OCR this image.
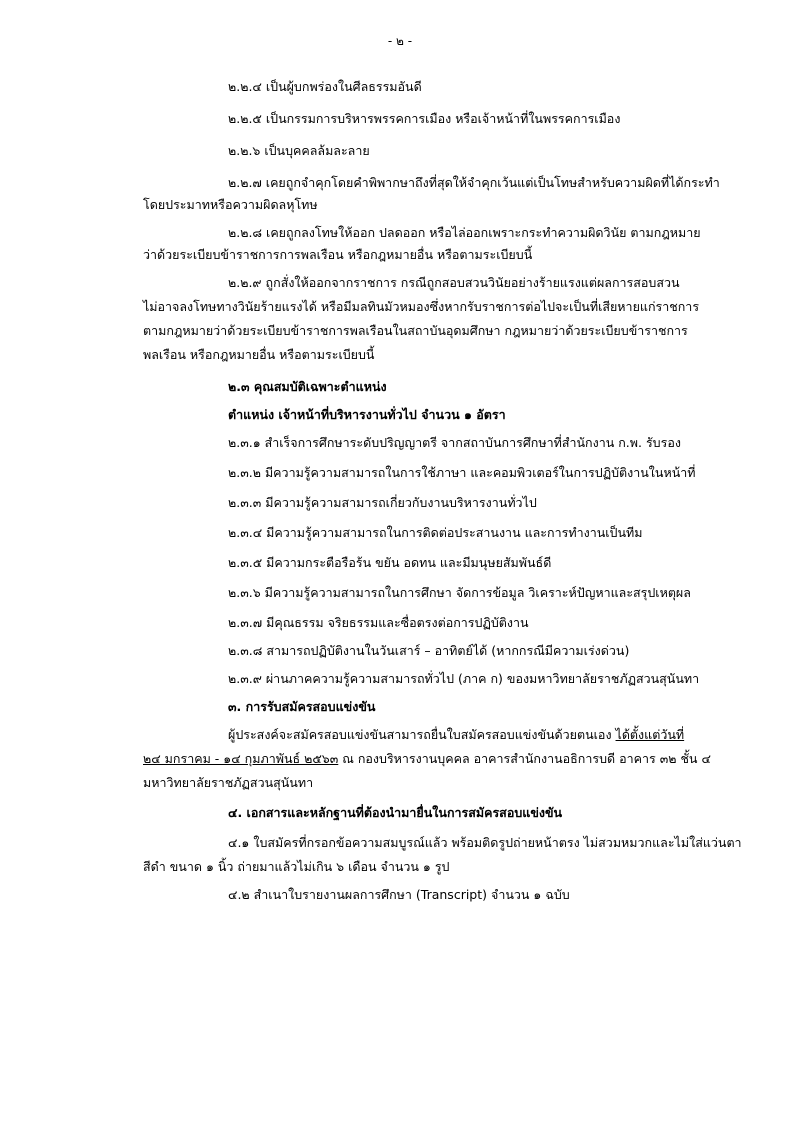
- ๒ -
๒.๒.๔ เป็นผู้บกพร่องในศีลธรรมอันดี
๒.๒.๕ เป็นกรรมการบริหารพรรคการเมือง หรือเจ้าหน้าที่ในพรรคการเมือง
๒.๒.๖ เป็นบุคคลล้มละลาย
๒.๒.๗ เคยถูกจำคุกโดยคำพิพากษาถึงที่สุดให้จำคุกเว้นแต่เป็นโทษสำหรับความผิดที่ได้กระทำ
โดยประมาทหรือความผิดลหุโทษ
๒.๒.๘ เคยถูกลงโทษให้ออก ปลดออก หรือไล่ออกเพราะกระทำความผิดวินัย ตามกฎหมาย
ว่าด้วยระเบียบข้าราชการการพลเรือน หรือกฎหมายอื่น หรือตามระเบียบนี้
๒.๒.๙ ถูกสั่งให้ออกจากราชการ กรณีถูกสอบสวนวินัยอย่างร้ายแรงแต่ผลการสอบสวน
ไม่อาจลงโทษทางวินัยร้ายแรงได้ หรือมีมลทินมัวหมองซึ่งหากรับราชการต่อไปจะเป็นที่เสียหายแก่ราชการ
ตามกฎหมายว่าด้วยระเบียบข้าราชการพลเรือนในสถาบันอุดมศึกษา กฎหมายว่าด้วยระเบียบข้าราชการ
พลเรือน หรือกฎหมายอื่น หรือตามระเบียบนี้
๒.๓ คุณสมบัติเฉพาะตำแหน่ง
ตำแหน่ง เจ้าหน้าที่บริหารงานทั่วไป จำนวน ๑ อัตรา
๒.๓.๑ สำเร็จการศึกษาระดับปริญญาตรี จากสถาบันการศึกษาที่สำนักงาน ก.พ. รับรอง
๒.๓.๒ มีความรู้ความสามารถในการใช้ภาษา และคอมพิวเตอร์ในการปฏิบัติงานในหน้าที่
๒.๓.๓ มีความรู้ความสามารถเกี่ยวกับงานบริหารงานทั่วไป
๒.๓.๔ มีความรู้ความสามารถในการติดต่อประสานงาน และการทำงานเป็นทีม
๒.๓.๕ มีความกระตือรือร้น ขยัน อดทน และมีมนุษยสัมพันธ์ดี
๒.๓.๖ มีความรู้ความสามารถในการศึกษา จัดการข้อมูล วิเคราะห์ปัญหาและสรุปเหตุผล
๒.๓.๗ มีคุณธรรม จริยธรรมและซื่อตรงต่อการปฏิบัติงาน
๒.๓.๘ สามารถปฏิบัติงานในวันเสาร์ – อาทิตย์ได้ (หากกรณีมีความเร่งด่วน)
๒.๓.๙ ผ่านภาคความรู้ความสามารถทั่วไป (ภาค ก) ของมหาวิทยาลัยราชภัฏสวนสุนันทา
๓. การรับสมัครสอบแข่งขัน
ผู้ประสงค์จะสมัครสอบแข่งขันสามารถยื่นใบสมัครสอบแข่งขันด้วยตนเอง ได้ตั้งแต่วันที่
๒๔ มกราคม - ๑๔ กุมภาพันธ์ ๒๕๖๓ ณ กองบริหารงานบุคคล อาคารสำนักงานอธิการบดี อาคาร ๓๒ ชั้น ๔
มหาวิทยาลัยราชภัฏสวนสุนันทา
๔. เอกสารและหลักฐานที่ต้องนำมายื่นในการสมัครสอบแข่งขัน
๔.๑ ใบสมัครที่กรอกข้อความสมบูรณ์แล้ว พร้อมติดรูปถ่ายหน้าตรง ไม่สวมหมวกและไม่ใส่แว่นตา
สีดำ ขนาด ๑ นิ้ว ถ่ายมาแล้วไม่เกิน ๖ เดือน จำนวน ๑ รูป
๔.๒ สำเนาใบรายงานผลการศึกษา (Transcript) จำนวน ๑ ฉบับ
